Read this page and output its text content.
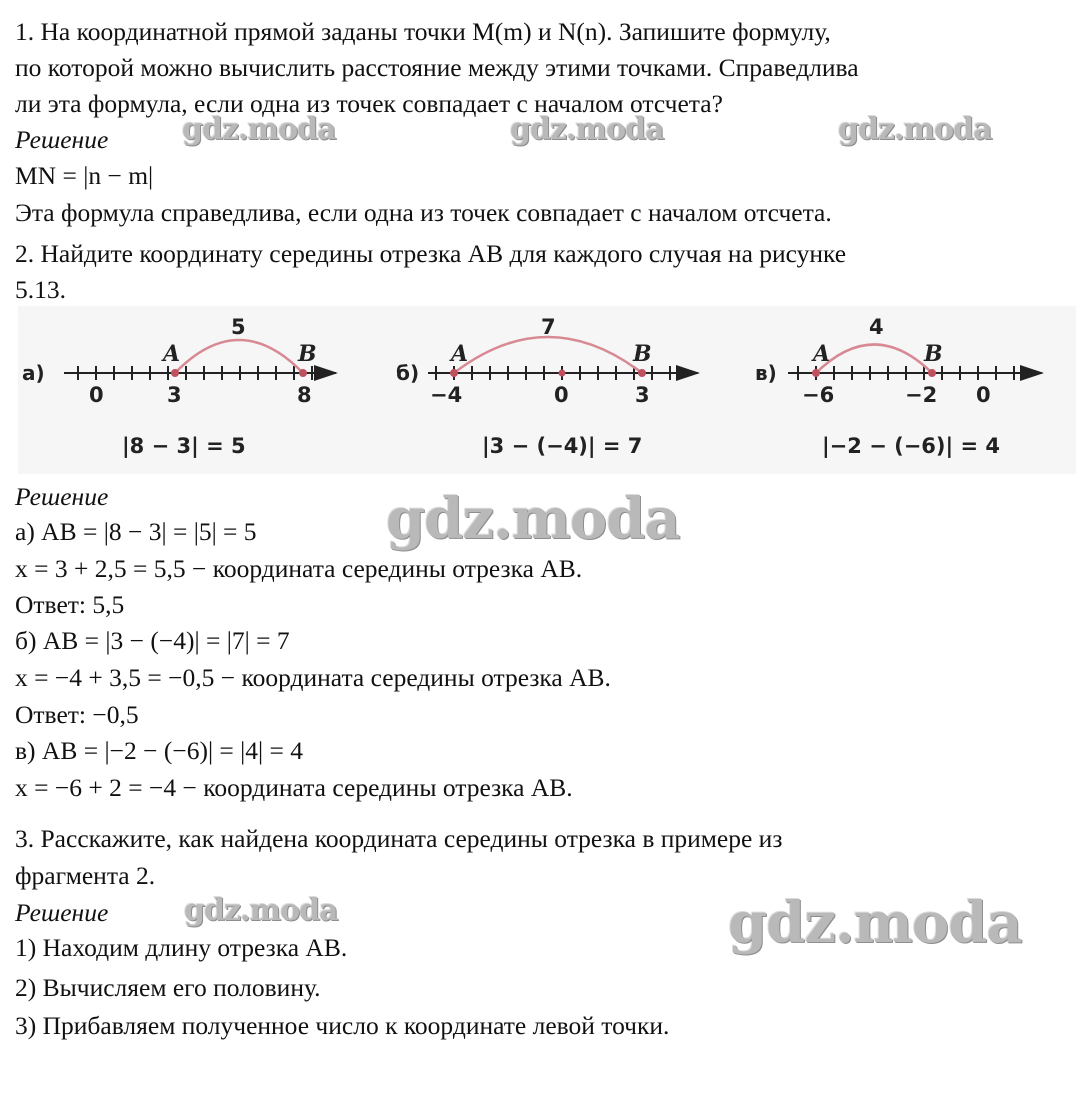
1. На координатной прямой заданы точки M(m) и N(n). Запишите формулу,
по которой можно вычислить расстояние между этими точками. Справедлива
ли эта формула, если одна из точек совпадает с началом отсчета?
Решение
MN = |n − m|
Эта формула справедлива, если одна из точек совпадает с началом отсчета.
2. Найдите координату середины отрезка AB для каждого случая на рисунке
5.13.
а)
A	B
5
0	3	8
|8 − 3| = 5
б)
A	B
7
−4	0	3
|3 − (−4)| = 7
в)
A	B
4
−6	−2 0
|−2 − (−6)| = 4
Решение
а) AB = |8 − 3| = |5| = 5
x = 3 + 2,5 = 5,5 − координата середины отрезка AB.
Ответ: 5,5
б) AB = |3 − (−4)| = |7| = 7
x = −4 + 3,5 = −0,5 − координата середины отрезка AB.
Ответ: −0,5
в) AB = |−2 − (−6)| = |4| = 4
x = −6 + 2 = −4 − координата середины отрезка AB.
3. Расскажите, как найдена координата середины отрезка в примере из
фрагмента 2.
Решение
1) Находим длину отрезка AB.
2) Вычисляем его половину.
3) Прибавляем полученное число к координате левой точки.
gdz.moda	gdz.moda	gdz.moda
gdz.moda
gdz.moda	gdz.moda
